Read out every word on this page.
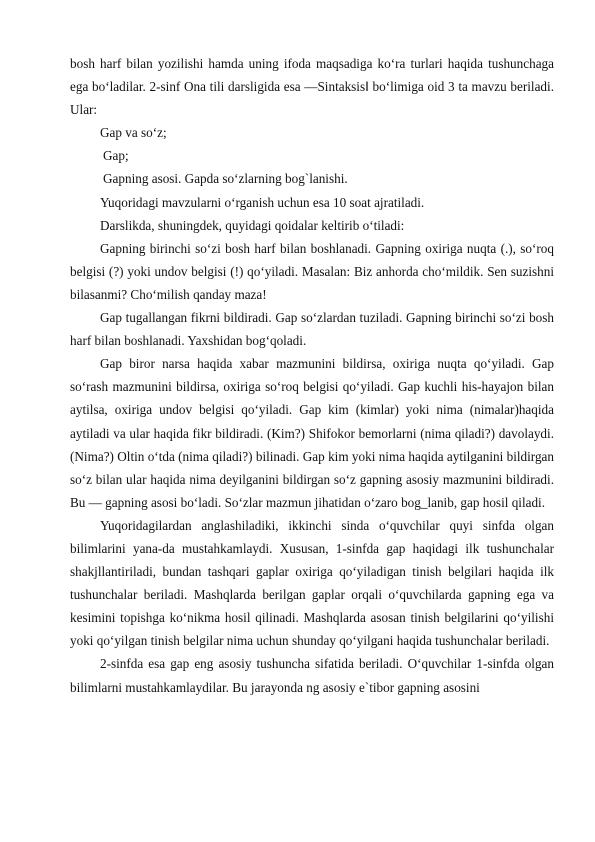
bosh harf bilan yozilishi hamda uning ifoda maqsadiga ko‘ra turlari haqida tushunchaga ega bo‘ladilar. 2-sinf Ona tili darsligida esa ―Sintaksis‖ bo‘limiga oid 3 ta mavzu beriladi. Ular:

Gap va so‘z;

Gap;

Gapning asosi. Gapda so‘zlarning bog`lanishi.

Yuqoridagi mavzularni o‘rganish uchun esa 10 soat ajratiladi.

Darslikda, shuningdek, quyidagi qoidalar keltirib o‘tiladi:

Gapning birinchi so‘zi bosh harf bilan boshlanadi. Gapning oxiriga nuqta (.), so‘roq belgisi (?) yoki undov belgisi (!) qo‘yiladi. Masalan: Biz anhorda cho‘mildik. Sen suzishni bilasanmi? Cho‘milish qanday maza!

Gap tugallangan fikrni bildiradi. Gap so‘zlardan tuziladi. Gapning birinchi so‘zi bosh harf bilan boshlanadi. Yaxshidan bog‘qoladi.

Gap biror narsa haqida xabar mazmunini bildirsa, oxiriga nuqta qo‘yiladi. Gap so‘rash mazmunini bildirsa, oxiriga so‘roq belgisi qo‘yiladi. Gap kuchli his-hayajon bilan aytilsa, oxiriga undov belgisi qo‘yiladi. Gap kim (kimlar) yoki nima (nimalar)haqida aytiladi va ular haqida fikr bildiradi. (Kim?) Shifokor bemorlarni (nima qiladi?) davolaydi. (Nima?) Oltin o‘tda (nima qiladi?) bilinadi. Gap kim yoki nima haqida aytilganini bildirgan so‘z bilan ular haqida nima deyilganini bildirgan so‘z gapning asosiy mazmunini bildiradi. Bu — gapning asosi bo‘ladi. So‘zlar mazmun jihatidan o‘zaro bog_lanib, gap hosil qiladi.

Yuqoridagilardan anglashiladiki, ikkinchi sinda o‘quvchilar quyi sinfda olgan bilimlarini yana-da mustahkamlaydi. Xususan, 1-sinfda gap haqidagi ilk tushunchalar shakjllantiriladi, bundan tashqari gaplar oxiriga qo‘yiladigan tinish belgilari haqida ilk tushunchalar beriladi. Mashqlarda berilgan gaplar orqali o‘quvchilarda gapning ega va kesimini topishga ko‘nikma hosil qilinadi. Mashqlarda asosan tinish belgilarini qo‘yilishi yoki qo‘yilgan tinish belgilar nima uchun shunday qo‘yilgani haqida tushunchalar beriladi.

2-sinfda esa gap eng asosiy tushuncha sifatida beriladi. O‘quvchilar 1-sinfda olgan bilimlarni mustahkamlaydilar. Bu jarayonda ng asosiy e`tibor gapning asosini
